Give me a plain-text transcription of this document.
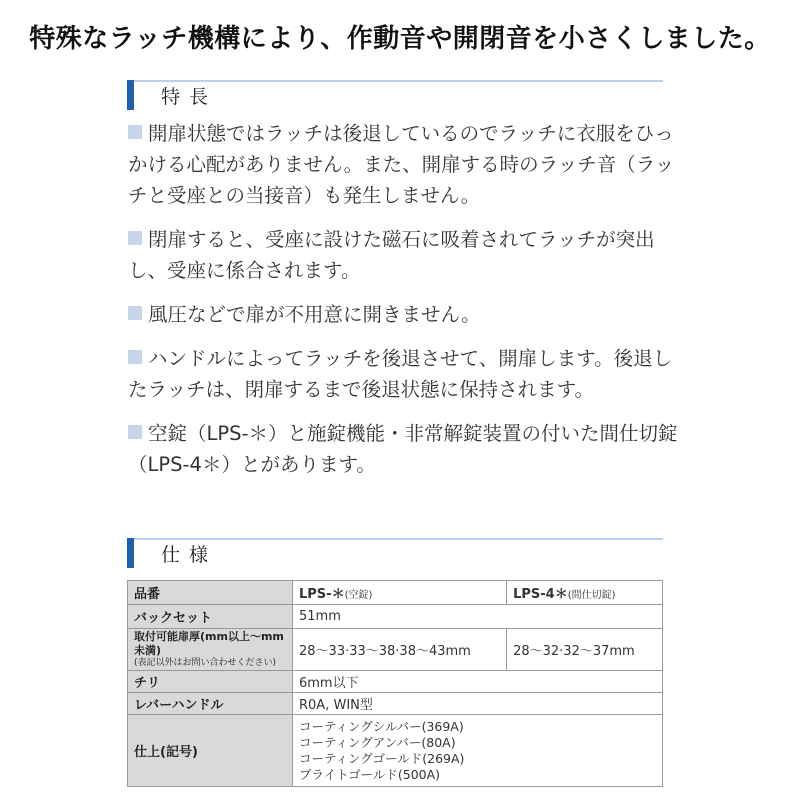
特殊なラッチ機構により、作動音や開閉音を小さくしました。
特長
開扉状態ではラッチは後退しているのでラッチに衣服をひっかける心配がありません。また、開扉する時のラッチ音（ラッチと受座との当接音）も発生しません。
閉扉すると、受座に設けた磁石に吸着されてラッチが突出し、受座に係合されます。
風圧などで扉が不用意に開きません。
ハンドルによってラッチを後退させて、開扉します。後退したラッチは、閉扉するまで後退状態に保持されます。
空錠（LPS-＊）と施錠機能・非常解錠装置の付いた間仕切錠（LPS-4＊）とがあります。
仕様
品番	LPS-＊(空錠)	LPS-4＊(間仕切錠)
バックセット	51mm	

取付可能扉厚(mm以上～mm未満)
(表記以外はお問い合わせください)	28～33·33～38·38～43mm	28～32·32～37mm
チリ	6mm以下	
レバーハンドル	R0A, WIN型	
仕上(記号)	コーティングシルバー(369A)
コーティングアンバー(80A)
コーティングゴールド(269A)
ブライトゴールド(500A)	
